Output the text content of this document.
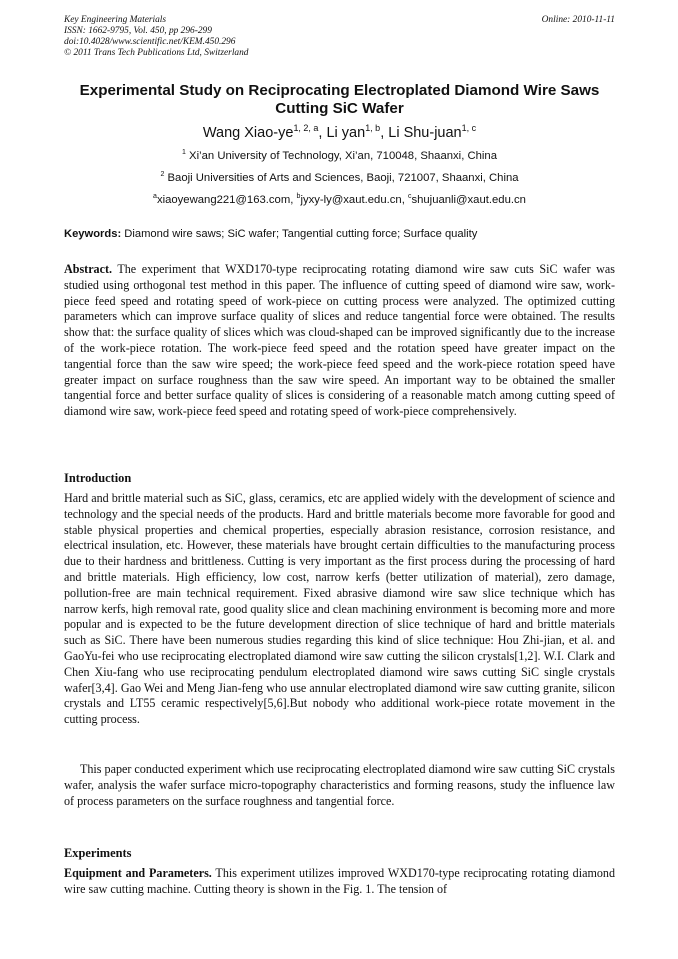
Key Engineering Materials
ISSN: 1662-9795, Vol. 450, pp 296-299
doi:10.4028/www.scientific.net/KEM.450.296
© 2011 Trans Tech Publications Ltd, Switzerland
Online: 2010-11-11
Experimental Study on Reciprocating Electroplated Diamond Wire Saws Cutting SiC Wafer
Wang Xiao-ye$^{1, 2, a}$, Li yan$^{1, b}$, Li Shu-juan$^{1, c}$
$^1$ Xi’an University of Technology, Xi’an, 710048, Shaanxi, China
$^2$ Baoji Universities of Arts and Sciences, Baoji, 721007, Shaanxi, China
$^a$xiaoyewang221@163.com, $^b$jyxy-ly@xaut.edu.cn, $^c$shujuanli@xaut.edu.cn
Keywords: Diamond wire saws; SiC wafer; Tangential cutting force; Surface quality

Abstract. The experiment that WXD170-type reciprocating rotating diamond wire saw cuts SiC wafer was studied using orthogonal test method in this paper. The influence of cutting speed of diamond wire saw, work-piece feed speed and rotating speed of work-piece on cutting process were analyzed. The optimized cutting parameters which can improve surface quality of slices and reduce tangential force were obtained. The results show that: the surface quality of slices which was cloud-shaped can be improved significantly due to the increase of the work-piece rotation. The work-piece feed speed and the rotation speed have greater impact on the tangential force than the saw wire speed; the work-piece feed speed and the work-piece rotation speed have greater impact on surface roughness than the saw wire speed. An important way to be obtained the smaller tangential force and better surface quality of slices is considering of a reasonable match among cutting speed of diamond wire saw, work-piece feed speed and rotating speed of work-piece comprehensively.

Introduction

Hard and brittle material such as SiC, glass, ceramics, etc are applied widely with the development of science and technology and the special needs of the products. Hard and brittle materials become more favorable for good and stable physical properties and chemical properties, especially abrasion resistance, corrosion resistance, and electrical insulation, etc. However, these materials have brought certain difficulties to the manufacturing process due to their hardness and brittleness. Cutting is very important as the first process during the processing of hard and brittle materials. High efficiency, low cost, narrow kerfs (better utilization of material), zero damage, pollution-free are main technical requirement. Fixed abrasive diamond wire saw slice technique which has narrow kerfs, high removal rate, good quality slice and clean machining environment is becoming more and more popular and is expected to be the future development direction of slice technique of hard and brittle materials such as SiC. There have been numerous studies regarding this kind of slice technique: Hou Zhi-jian, et al. and GaoYu-fei who use reciprocating electroplated diamond wire saw cutting the silicon crystals[1,2]. W.I. Clark and Chen Xiu-fang who use reciprocating pendulum electroplated diamond wire saws cutting SiC single crystals wafer[3,4]. Gao Wei and Meng Jian-feng who use annular electroplated diamond wire saw cutting granite, silicon crystals and LT55 ceramic respectively[5,6].But nobody who additional work-piece rotate movement in the cutting process.

This paper conducted experiment which use reciprocating electroplated diamond wire saw cutting SiC crystals wafer, analysis the wafer surface micro-topography characteristics and forming reasons, study the influence law of process parameters on the surface roughness and tangential force.

Experiments

Equipment and Parameters. This experiment utilizes improved WXD170-type reciprocating rotating diamond wire saw cutting machine. Cutting theory is shown in the Fig. 1. The tension of
